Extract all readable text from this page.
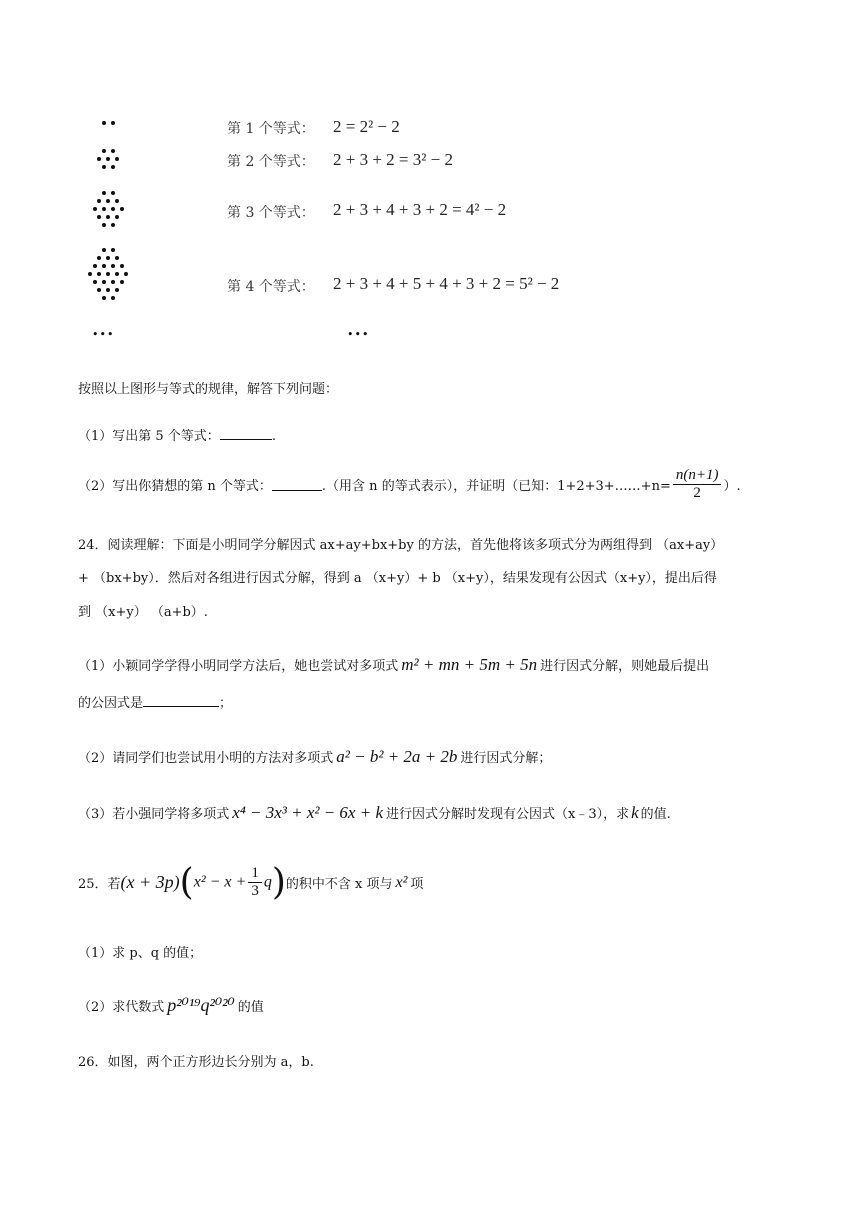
第 1 个等式： 2 = 2² − 2
第 2 个等式： 2 + 3 + 2 = 3² − 2
第 3 个等式： 2 + 3 + 4 + 3 + 2 = 4² − 2
第 4 个等式： 2 + 3 + 4 + 5 + 4 + 3 + 2 = 5² − 2
•••	•••
按照以上图形与等式的规律，解答下列问题：
（1）写出第 5 个等式：	.
（2）写出你猜想的第 n 个等式：	.（用含 n 的等式表示），并证明（已知：1+2+3+……+n= $\frac{n(n+1)}{2}$ ）.
24．阅读理解：下面是小明同学分解因式 ax+ay+bx+by 的方法，首先他将该多项式分为两组得到 （ax+ay）
+ （bx+by）．然后对各组进行因式分解，得到 a （x+y）+ b （x+y），结果发现有公因式（x+y），提出后得
到 （x+y） （a+b）.
（1）小颖同学学得小明同学方法后，她也尝试对多项式 m² + mn + 5m + 5n 进行因式分解，则她最后提出
的公因式是	；
（2）请同学们也尝试用小明的方法对多项式 a² − b² + 2a + 2b 进行因式分解；
（3）若小强同学将多项式 x⁴ − 3x³ + x² − 6x + k 进行因式分解时发现有公因式（x﹣3），求 k 的值.
25．若$(x + 3p)(x^2 - x + \frac{1}{3} q)$的积中不含 x 项与 x² 项
（1）求 p、q 的值；
（2）求代数式 p²⁰¹⁹q²⁰²⁰ 的值
26．如图，两个正方形边长分别为 a，b.
